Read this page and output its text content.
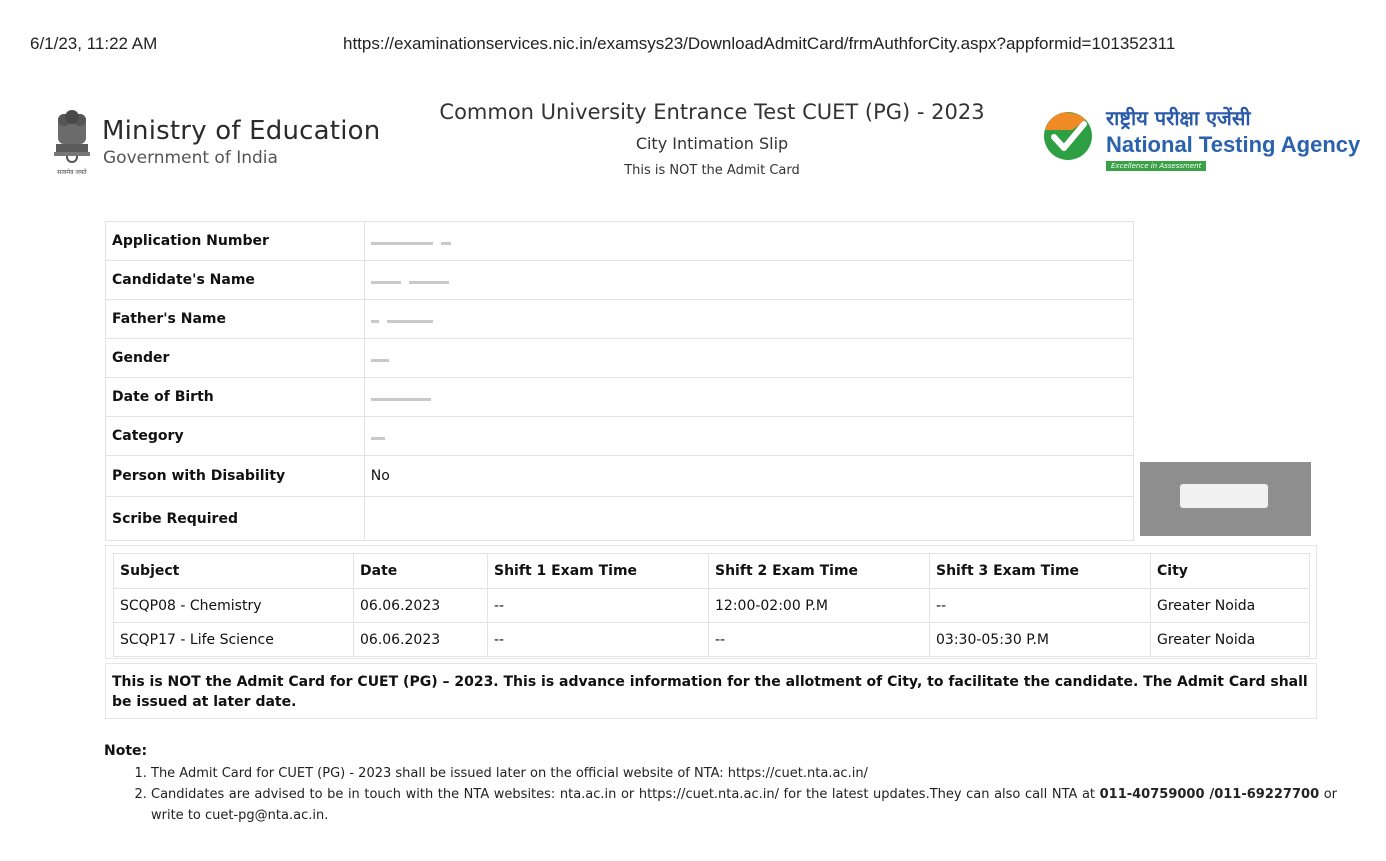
6/1/23, 11:22 AM	https://examinationservices.nic.in/examsys23/DownloadAdmitCard/frmAuthforCity.aspx?appformid=101352311
सत्यमेव जयते
Ministry of Education
Government of India
Common University Entrance Test CUET (PG) - 2023
City Intimation Slip
This is NOT the Admit Card
राष्ट्रीय परीक्षा एजेंसी
National Testing Agency
Excellence in Assessment
Application Number		

Candidate's Name		
Father's Name		
Gender		
Date of Birth		
Category		
Person with Disability	No	
Scribe Required		
Subject	Date	Shift 1 Exam Time	Shift 2 Exam Time	Shift 3 Exam Time	City
SCQP08 - Chemistry	06.06.2023	--	12:00-02:00 P.M	--	Greater Noida
SCQP17 - Life Science	06.06.2023	--	--	03:30-05:30 P.M	Greater Noida
This is NOT the Admit Card for CUET (PG) – 2023. This is advance information for the allotment of City, to facilitate the candidate. The Admit Card shall be issued at later date.
Note:
1. The Admit Card for CUET (PG) - 2023 shall be issued later on the official website of NTA: https://cuet.nta.ac.in/
2. Candidates are advised to be in touch with the NTA websites: nta.ac.in or https://cuet.nta.ac.in/ for the latest updates.They can also call NTA at 011-40759000 /011-69227700 or write to cuet-pg@nta.ac.in.
